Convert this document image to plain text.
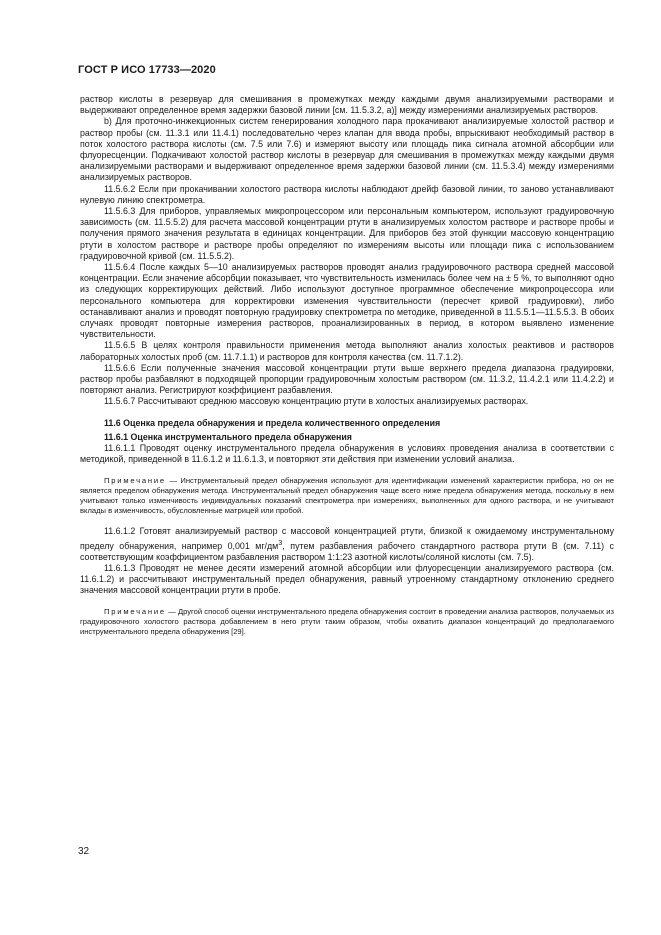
ГОСТ Р ИСО 17733—2020

раствор кислоты в резервуар для смешивания в промежутках между каждыми двумя анализируемыми растворами и выдерживают определенное время задержки базовой линии [см. 11.5.3.2, a)] между измерениями анализируемых растворов.

b) Для проточно-инжекционных систем генерирования холодного пара прокачивают анализируемые холостой раствор и раствор пробы (см. 11.3.1 или 11.4.1) последовательно через клапан для ввода пробы, впрыскивают необходимый раствор в поток холостого раствора кислоты (см. 7.5 или 7.6) и измеряют высоту или площадь пика сигнала атомной абсорбции или флуоресценции. Подкачивают холостой раствор кислоты в резервуар для смешивания в промежутках между каждыми двумя анализируемыми растворами и выдерживают определенное время задержки базовой линии (см. 11.5.3.4) между измерениями анализируемых растворов.

11.5.6.2 Если при прокачивании холостого раствора кислоты наблюдают дрейф базовой линии, то заново устанавливают нулевую линию спектрометра.

11.5.6.3 Для приборов, управляемых микропроцессором или персональным компьютером, используют градуировочную зависимость (см. 11.5.5.2) для расчета массовой концентрации ртути в анализируемых холостом растворе и растворе пробы и получения прямого значения результата в единицах концентрации. Для приборов без этой функции массовую концентрацию ртути в холостом растворе и растворе пробы определяют по измерениям высоты или площади пика с использованием градуировочной кривой (см. 11.5.5.2).

11.5.6.4 После каждых 5—10 анализируемых растворов проводят анализ градуировочного раствора средней массовой концентрации. Если значение абсорбции показывает, что чувствительность изменилась более чем на ± 5 %, то выполняют одно из следующих корректирующих действий. Либо используют доступное программное обеспечение микропроцессора или персонального компьютера для корректировки изменения чувствительности (пересчет кривой градуировки), либо останавливают анализ и проводят повторную градуировку спектрометра по методике, приведенной в 11.5.5.1—11.5.5.3. В обоих случаях проводят повторные измерения растворов, проанализированных в период, в котором выявлено изменение чувствительности.

11.5.6.5 В целях контроля правильности применения метода выполняют анализ холостых реактивов и растворов лабораторных холостых проб (см. 11.7.1.1) и растворов для контроля качества (см. 11.7.1.2).

11.5.6.6 Если полученные значения массовой концентрации ртути выше верхнего предела диапазона градуировки, раствор пробы разбавляют в подходящей пропорции градуировочным холостым раствором (см. 11.3.2, 11.4.2.1 или 11.4.2.2) и повторяют анализ. Регистрируют коэффициент разбавления.

11.5.6.7 Рассчитывают среднюю массовую концентрацию ртути в холостых анализируемых растворах.

11.6 Оценка предела обнаружения и предела количественного определения

11.6.1 Оценка инструментального предела обнаружения

11.6.1.1 Проводят оценку инструментального предела обнаружения в условиях проведения анализа в соответствии с методикой, приведенной в 11.6.1.2 и 11.6.1.3, и повторяют эти действия при изменении условий анализа.

Примечание — Инструментальный предел обнаружения используют для идентификации изменений характеристик прибора, но он не является пределом обнаружения метода. Инструментальный предел обнаружения чаще всего ниже предела обнаружения метода, поскольку в нем учитывают только изменчивость индивидуальных показаний спектрометра при измерениях, выполненных для одного раствора, и не учитывают вклады в изменчивость, обусловленные матрицей или пробой.

11.6.1.2 Готовят анализируемый раствор с массовой концентрацией ртути, близкой к ожидаемому инструментальному пределу обнаружения, например 0,001 $мг/дм^3$, путем разбавления рабочего стандартного раствора ртути B (см. 7.11) с соответствующим коэффициентом разбавления раствором 1:1:23 азотной кислоты/соляной кислоты (см. 7.5).

11.6.1.3 Проводят не менее десяти измерений атомной абсорбции или флуоресценции анализируемого раствора (см. 11.6.1.2) и рассчитывают инструментальный предел обнаружения, равный утроенному стандартному отклонению среднего значения массовой концентрации ртути в пробе.

Примечание — Другой способ оценки инструментального предела обнаружения состоит в проведении анализа растворов, получаемых из градуировочного холостого раствора добавлением в него ртути таким образом, чтобы охватить диапазон концентраций до предполагаемого инструментального предела обнаружения [29].

32
